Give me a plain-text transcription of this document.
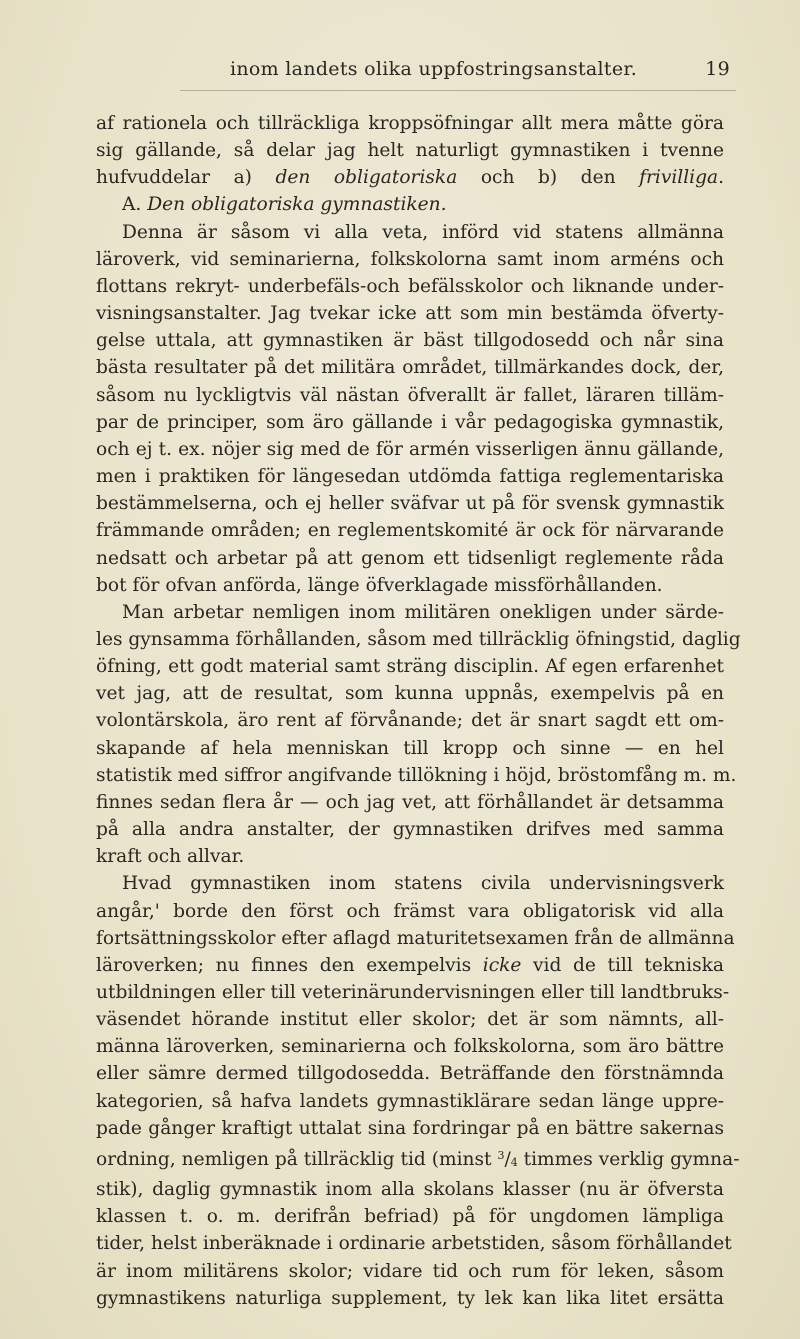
inom landets olika uppfostringsanstalter.	19
af rationela och tillräckliga kroppsöfningar allt mera måtte göra
sig gällande, så delar jag helt naturligt gymnastiken i tvenne
hufvuddelar a) den obligatoriska och b) den frivilliga.
A. Den obligatoriska gymnastiken.
Denna är såsom vi alla veta, införd vid statens allmänna
läroverk, vid seminarierna, folkskolorna samt inom arméns och
flottans rekryt- underbefäls-och befälsskolor och liknande under-
visningsanstalter. Jag tvekar icke att som min bestämda öfverty-
gelse uttala, att gymnastiken är bäst tillgodosedd och når sina
bästa resultater på det militära området, tillmärkandes dock, der,
såsom nu lyckligtvis väl nästan öfverallt är fallet, läraren tilläm-
par de principer, som äro gällande i vår pedagogiska gymnastik,
och ej t. ex. nöjer sig med de för armén visserligen ännu gällande,
men i praktiken för längesedan utdömda fattiga reglementariska
bestämmelserna, och ej heller sväfvar ut på för svensk gymnastik
främmande områden; en reglementskomité är ock för närvarande
nedsatt och arbetar på att genom ett tidsenligt reglemente råda
bot för ofvan anförda, länge öfverklagade missförhållanden.
Man arbetar nemligen inom militären onekligen under särde-
les gynsamma förhållanden, såsom med tillräcklig öfningstid, daglig
öfning, ett godt material samt sträng disciplin. Af egen erfarenhet
vet jag, att de resultat, som kunna uppnås, exempelvis på en
volontärskola, äro rent af förvånande; det är snart sagdt ett om-
skapande af hela menniskan till kropp och sinne — en hel
statistik med siffror angifvande tillökning i höjd, bröstomfång m. m.
finnes sedan flera år — och jag vet, att förhållandet är detsamma
på alla andra anstalter, der gymnastiken drifves med samma
kraft och allvar.
Hvad gymnastiken inom statens civila undervisningsverk
angår,' borde den först och främst vara obligatorisk vid alla
fortsättningsskolor efter aflagd maturitetsexamen från de allmänna
läroverken; nu finnes den exempelvis icke vid de till tekniska
utbildningen eller till veterinärundervisningen eller till landtbruks-
väsendet hörande institut eller skolor; det är som nämnts, all-
männa läroverken, seminarierna och folkskolorna, som äro bättre
eller sämre dermed tillgodosedda. Beträffande den förstnämnda
kategorien, så hafva landets gymnastiklärare sedan länge uppre-
pade gånger kraftigt uttalat sina fordringar på en bättre sakernas
ordning, nemligen på tillräcklig tid (minst $^3/_4$ timmes verklig gymna-
stik), daglig gymnastik inom alla skolans klasser (nu är öfversta
klassen t. o. m. derifrån befriad) på för ungdomen lämpliga
tider, helst inberäknade i ordinarie arbetstiden, såsom förhållandet
är inom militärens skolor; vidare tid och rum för leken, såsom
gymnastikens naturliga supplement, ty lek kan lika litet ersätta
